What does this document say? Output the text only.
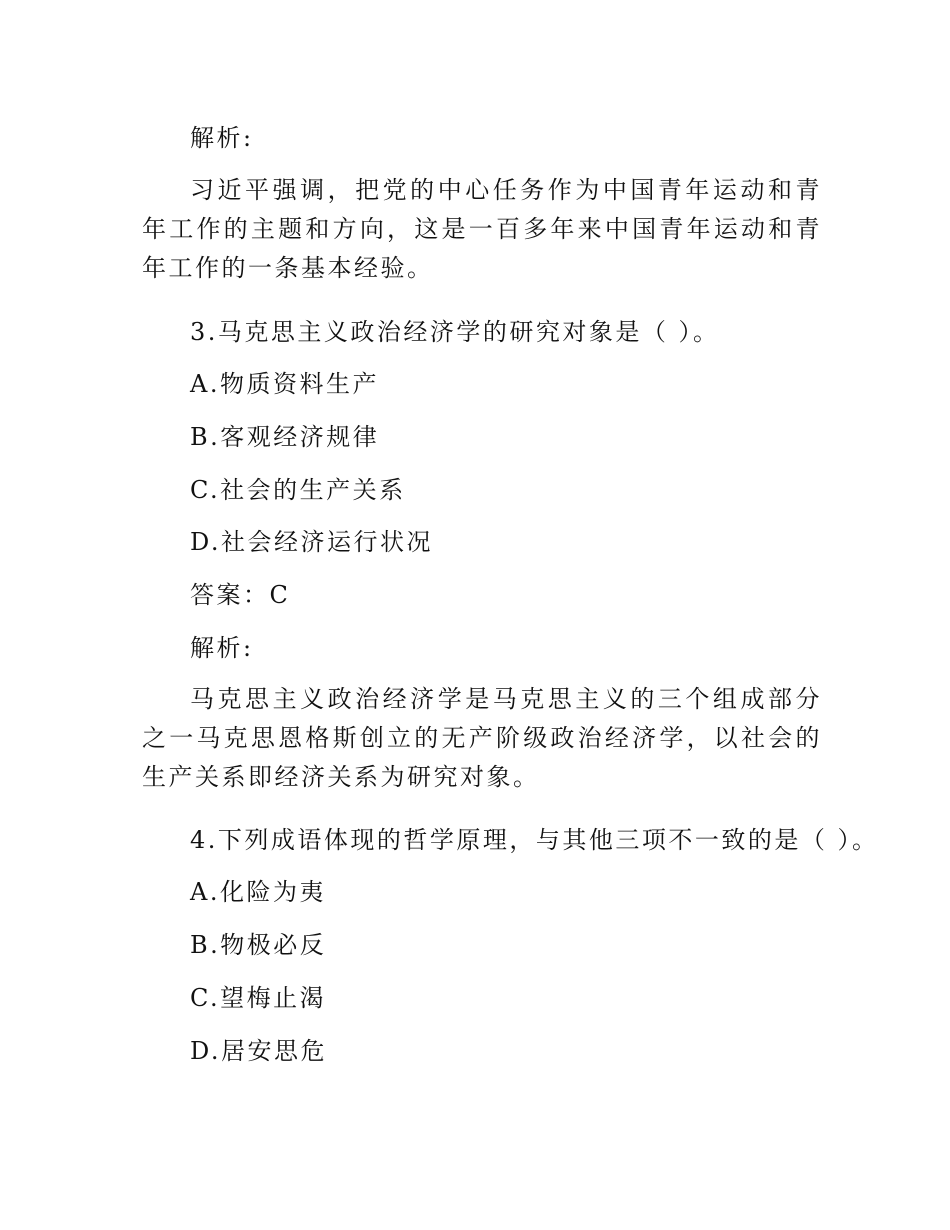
解析:
习近平强调，把党的中心任务作为中国青年运动和青年工作的主题和方向，这是一百多年来中国青年运动和青年工作的一条基本经验。
3.马克思主义政治经济学的研究对象是（ ）。
A.物质资料生产
B.客观经济规律
C.社会的生产关系
D.社会经济运行状况
答案：C
解析:
马克思主义政治经济学是马克思主义的三个组成部分之一马克思恩格斯创立的无产阶级政治经济学，以社会的生产关系即经济关系为研究对象。
4.下列成语体现的哲学原理，与其他三项不一致的是（ ）。
A.化险为夷
B.物极必反
C.望梅止渴
D.居安思危
